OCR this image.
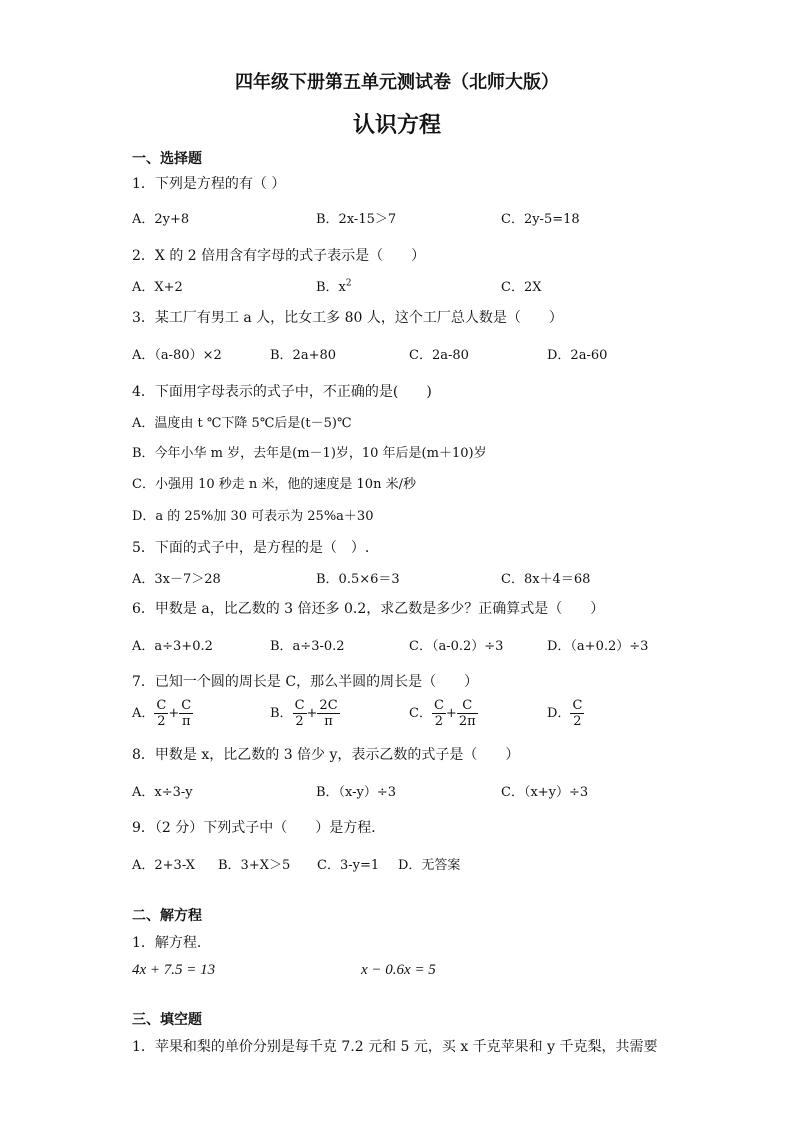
四年级下册第五单元测试卷（北师大版）
认识方程
一、选择题
1．下列是方程的有（ ）
A．2y+8	B．2x-15＞7	C．2y-5=18
2．X 的 2 倍用含有字母的式子表示是（　　）
A．X+2	B．$x^2$	C．2X
3．某工厂有男工 a 人，比女工多 80 人，这个工厂总人数是（　　）
A．（a-80）×2	B．2a+80	C．2a-80	D．2a-60
4．下面用字母表示的式子中，不正确的是(　　)
A．温度由 t ℃下降 5℃后是(t－5)℃
B．今年小华 m 岁，去年是(m－1)岁，10 年后是(m＋10)岁
C．小强用 10 秒走 n 米，他的速度是 10n 米/秒
D．a 的 25%加 30 可表示为 25%a＋30
5．下面的式子中，是方程的是（　）.
A．3x－7＞28	B．0.5×6＝3	C．8x＋4＝68
6．甲数是 a，比乙数的 3 倍还多 0.2，求乙数是多少？正确算式是（　　）
A．a÷3+0.2	B．a÷3-0.2	C．（a-0.2）÷3	D．（a+0.2）÷3
7．已知一个圆的周长是 C，那么半圆的周长是（　　）
A． $\frac{C}{2} + \frac{C}{\pi}$	B． $\frac{C}{2} + \frac{2C}{\pi}$	C． $\frac{C}{2} + \frac{C}{2\pi}$	D． $\frac{C}{2}$
8．甲数是 x，比乙数的 3 倍少 y，表示乙数的式子是（　　）
A．x÷3-y	B．（x-y）÷3	C．（x+y）÷3
9．（2 分）下列式子中（　　）是方程．
A．2+3-X B．3+X＞5 C．3-y=1 D．无答案
二、解方程
1．解方程．
4x + 7.5 = 13	x − 0.6x = 5
三、填空题
1．苹果和梨的单价分别是每千克 7.2 元和 5 元，买 x 千克苹果和 y 千克梨，共需要
